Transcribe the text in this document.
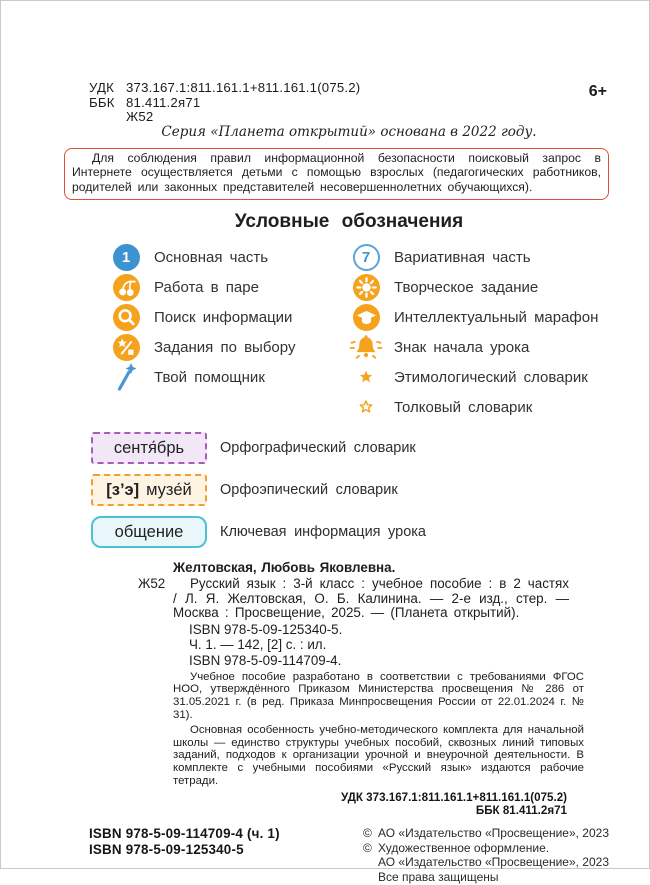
УДК 373.167.1:811.161.1+811.161.1(075.2)
ББК 81.411.2я71
Ж52
6+
Серия «Планета открытий» основана в 2022 году.

Для соблюдения правил информационной безопасности поисковый запрос в Интернете осуществляется детьми с помощью взрослых (педагогических работников, родителей или законных представителей несовершеннолетних обучающихся).

Условные обозначения
1	Основная часть
Работа в паре
Поиск информации
Задания по выбору
Твой помощник
7	Вариативная часть
Творческое задание
Интеллектуальный марафон
Знак начала урока
Этимологический словарик
Толковый словарик
сентя́брь Орфографический словарик
[з’э] музе́й Орфоэпический словарик
общение	Ключевая информация урока
Желтовская, Любовь Яковлевна.
Ж52	Русский язык : 3-й класс : учебное пособие : в 2 частях / Л. Я. Желтовская, О. Б. Калинина. — 2-е изд., стер. — Москва : Просвещение, 2025. — (Планета открытий).
ISBN 978-5-09-125340-5.
Ч. 1. — 142, [2] с. : ил.
ISBN 978-5-09-114709-4.
Учебное пособие разработано в соответствии с требованиями ФГОС НОО, утверждённого Приказом Министерства просвещения № 286 от 31.05.2021 г. (в ред. Приказа Минпросвещения России от 22.01.2024 г. № 31).
Основная особенность учебно-методического комплекта для начальной школы — единство структуры учебных пособий, сквозных линий типовых заданий, подходов к организации урочной и внеурочной деятельности. В комплекте с учебными пособиями «Русский язык» издаются рабочие тетради.
УДК 373.167.1:811.161.1+811.161.1(075.2)
ББК 81.411.2я71
ISBN 978-5-09-114709-4 (ч. 1)
ISBN 978-5-09-125340-5
© АО «Издательство «Просвещение», 2023
© Художественное оформление.
АО «Издательство «Просвещение», 2023
Все права защищены
